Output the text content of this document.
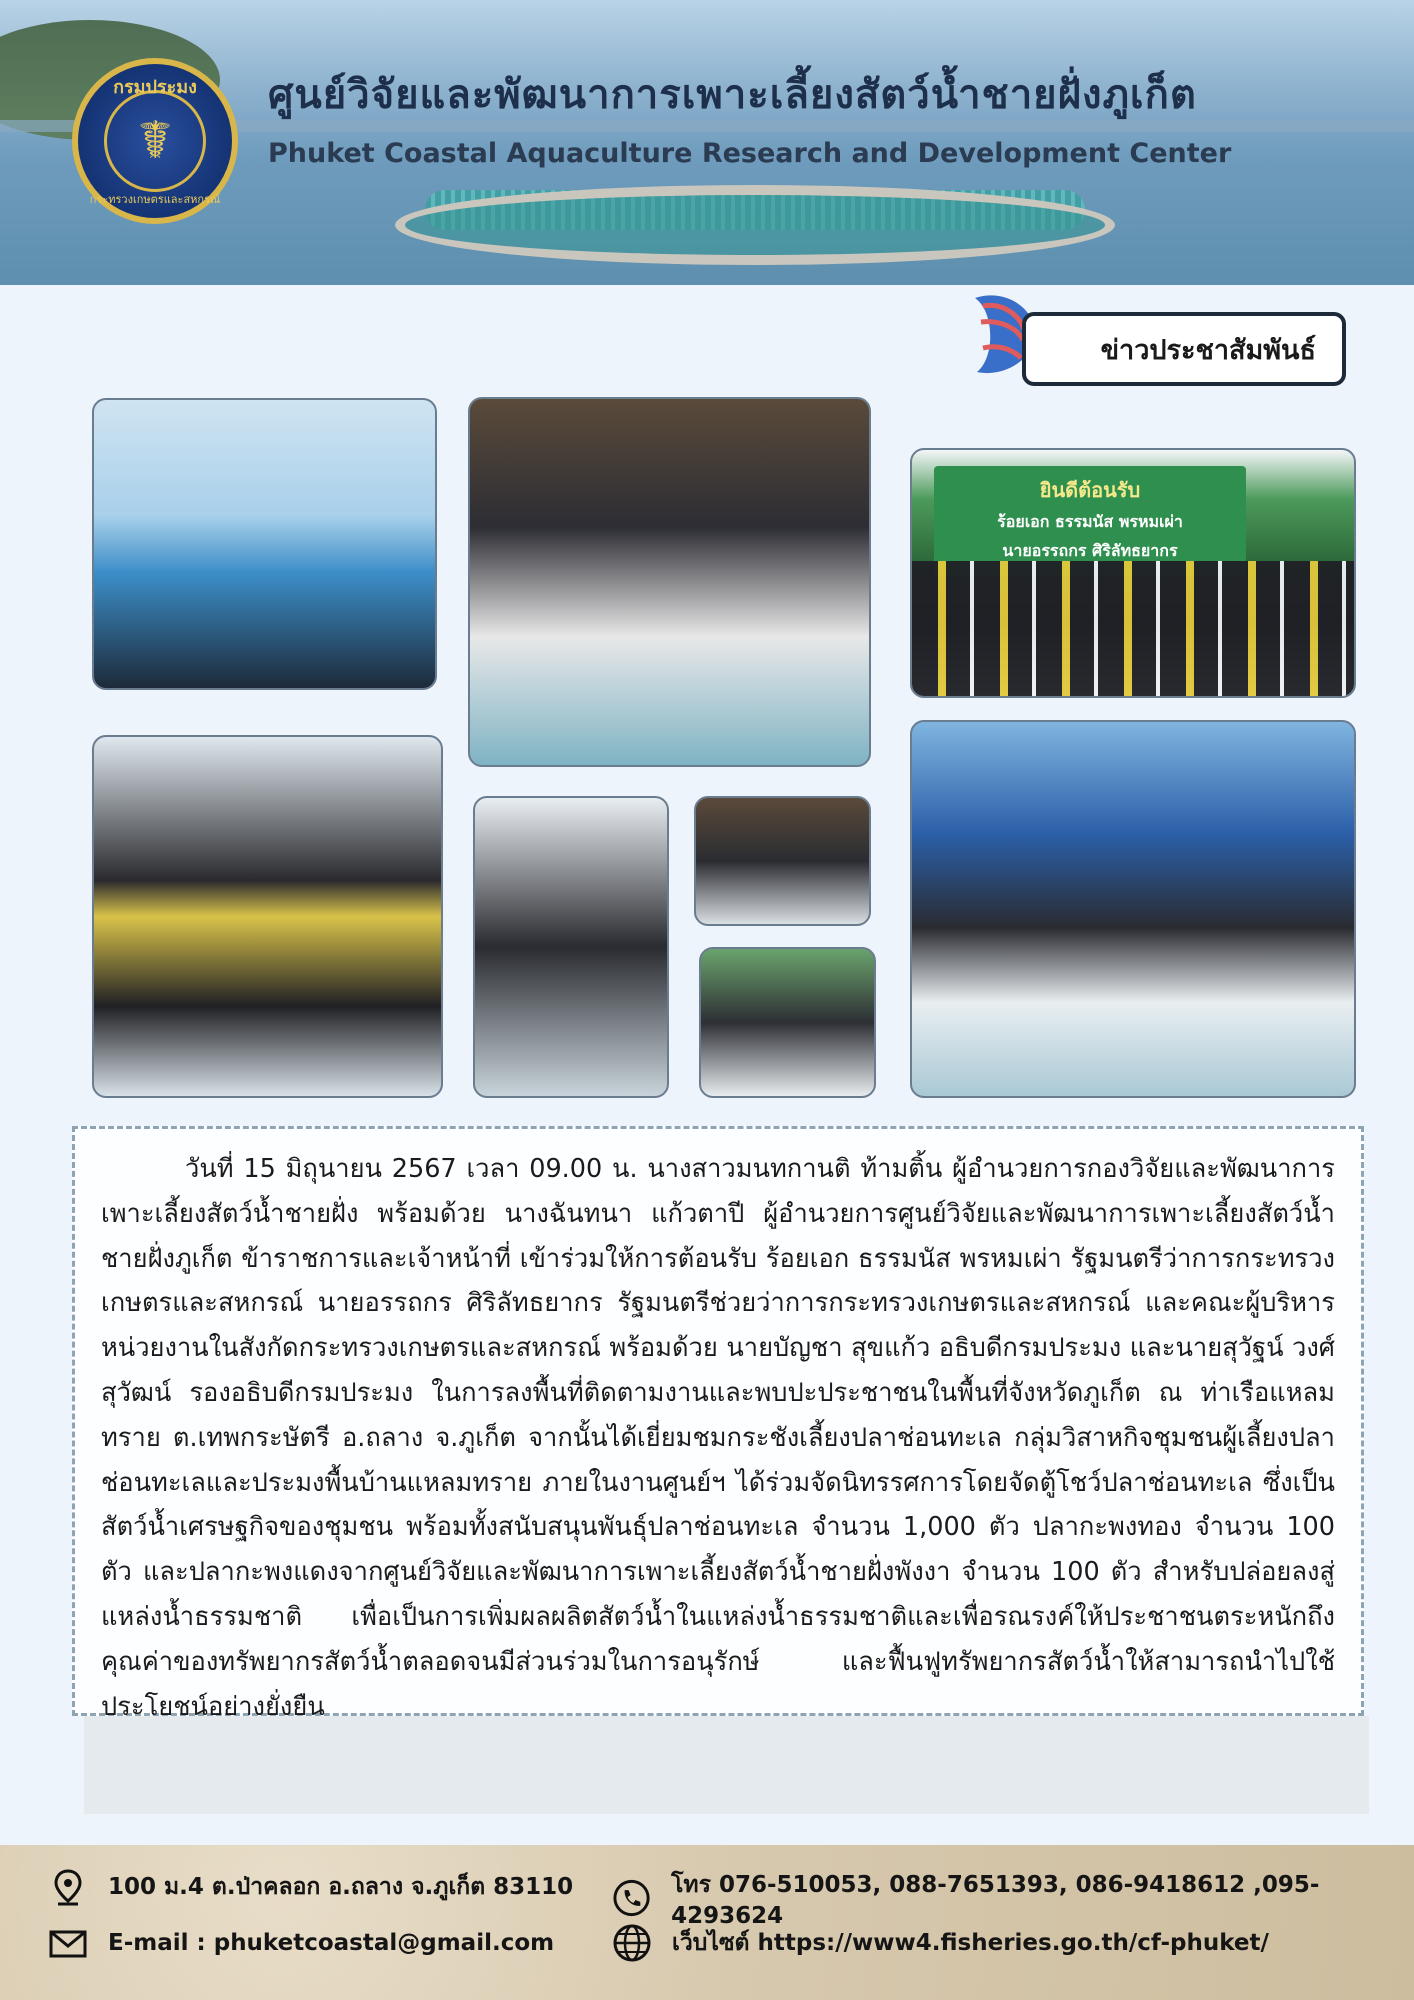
กรมประมง
☤
กระทรวงเกษตรและสหกรณ์
ศูนย์วิจัยและพัฒนาการเพาะเลี้ยงสัตว์น้ำชายฝั่งภูเก็ต
Phuket Coastal Aquaculture Research and Development Center
ข่าวประชาสัมพันธ์
ยินดีต้อนรับ
ร้อยเอก ธรรมนัส พรหมเผ่า
นายอรรถกร ศิริลัทธยากร

วันที่ 15 มิถุนายน 2567 เวลา 09.00 น. นางสาวมนทกานติ ท้ามติ้น ผู้อำนวยการกองวิจัยและพัฒนาการเพาะเลี้ยงสัตว์น้ำชายฝั่ง พร้อมด้วย นางฉันทนา แก้วตาปี ผู้อำนวยการศูนย์วิจัยและพัฒนาการเพาะเลี้ยงสัตว์น้ำชายฝั่งภูเก็ต ข้าราชการและเจ้าหน้าที่ เข้าร่วมให้การต้อนรับ ร้อยเอก ธรรมนัส พรหมเผ่า รัฐมนตรีว่าการกระทรวงเกษตรและสหกรณ์ นายอรรถกร ศิริลัทธยากร รัฐมนตรีช่วยว่าการกระทรวงเกษตรและสหกรณ์ และคณะผู้บริหาร หน่วยงานในสังกัดกระทรวงเกษตรและสหกรณ์ พร้อมด้วย นายบัญชา สุขแก้ว อธิบดีกรมประมง และนายสุวัฐน์ วงศ์สุวัฒน์ รองอธิบดีกรมประมง ในการลงพื้นที่ติดตามงานและพบปะประชาชนในพื้นที่จังหวัดภูเก็ต ณ ท่าเรือแหลมทราย ต.เทพกระษัตรี อ.ถลาง จ.ภูเก็ต จากนั้นได้เยี่ยมชมกระชังเลี้ยงปลาช่อนทะเล กลุ่มวิสาหกิจชุมชนผู้เลี้ยงปลาช่อนทะเลและประมงพื้นบ้านแหลมทราย ภายในงานศูนย์ฯ ได้ร่วมจัดนิทรรศการโดยจัดตู้โชว์ปลาช่อนทะเล ซึ่งเป็นสัตว์น้ำเศรษฐกิจของชุมชน พร้อมทั้งสนับสนุนพันธุ์ปลาช่อนทะเล จำนวน 1,000 ตัว ปลากะพงทอง จำนวน 100 ตัว และปลากะพงแดงจากศูนย์วิจัยและพัฒนาการเพาะเลี้ยงสัตว์น้ำชายฝั่งพังงา จำนวน 100 ตัว สำหรับปล่อยลงสู่แหล่งน้ำธรรมชาติ เพื่อเป็นการเพิ่มผลผลิตสัตว์น้ำในแหล่งน้ำธรรมชาติและเพื่อรณรงค์ให้ประชาชนตระหนักถึงคุณค่าของทรัพยากรสัตว์น้ำตลอดจนมีส่วนร่วมในการอนุรักษ์ และฟื้นฟูทรัพยากรสัตว์น้ำให้สามารถนำไปใช้ประโยชน์อย่างยั่งยืน

100 ม.4 ต.ป่าคลอก อ.ถลาง จ.ภูเก็ต 83110	โทร 076-510053, 088-7651393, 086-9418612 ,095-4293624
E-mail : phuketcoastal@gmail.com	เว็บไซต์ https://www4.fisheries.go.th/cf-phuket/
